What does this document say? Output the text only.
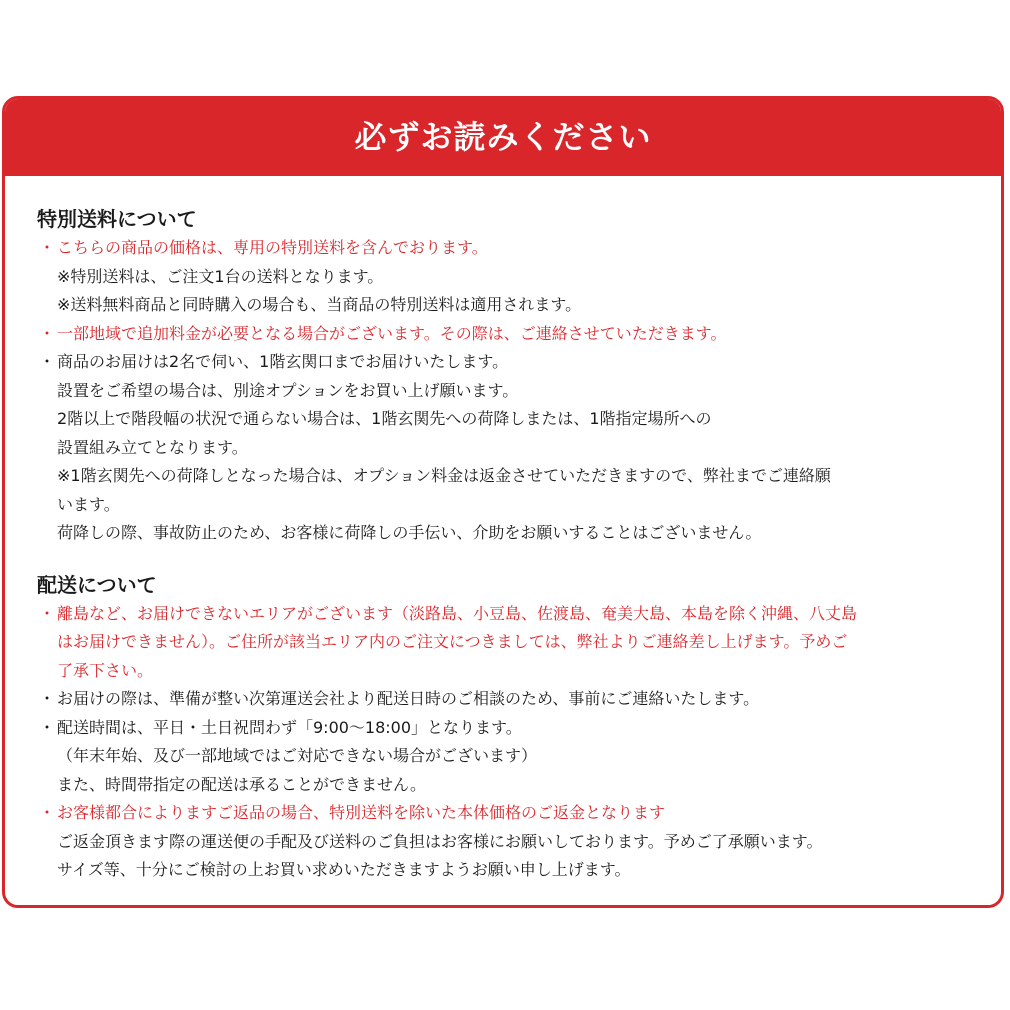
必ずお読みください
特別送料について
・ こちらの商品の価格は、専用の特別送料を含んでおります。
※特別送料は、ご注文1台の送料となります。
※送料無料商品と同時購入の場合も、当商品の特別送料は適用されます。
・ 一部地域で追加料金が必要となる場合がございます。その際は、ご連絡させていただきます。
・ 商品のお届けは2名で伺い、1階玄関口までお届けいたします。
設置をご希望の場合は、別途オプションをお買い上げ願います。
2階以上で階段幅の状況で通らない場合は、1階玄関先への荷降しまたは、1階指定場所への
設置組み立てとなります。
※1階玄関先への荷降しとなった場合は、オプション料金は返金させていただきますので、弊社までご連絡願
います。
荷降しの際、事故防止のため、お客様に荷降しの手伝い、介助をお願いすることはございません。
配送について
・ 離島など、お届けできないエリアがございます（淡路島、小豆島、佐渡島、奄美大島、本島を除く沖縄、八丈島
はお届けできません）。ご住所が該当エリア内のご注文につきましては、弊社よりご連絡差し上げます。予めご
了承下さい。
・ お届けの際は、準備が整い次第運送会社より配送日時のご相談のため、事前にご連絡いたします。
・ 配送時間は、平日・土日祝問わず「9:00〜18:00」となります。
（年末年始、及び一部地域ではご対応できない場合がございます）
また、時間帯指定の配送は承ることができません。
・ お客様都合によりますご返品の場合、特別送料を除いた本体価格のご返金となります
ご返金頂きます際の運送便の手配及び送料のご負担はお客様にお願いしております。予めご了承願います。
サイズ等、十分にご検討の上お買い求めいただきますようお願い申し上げます。
